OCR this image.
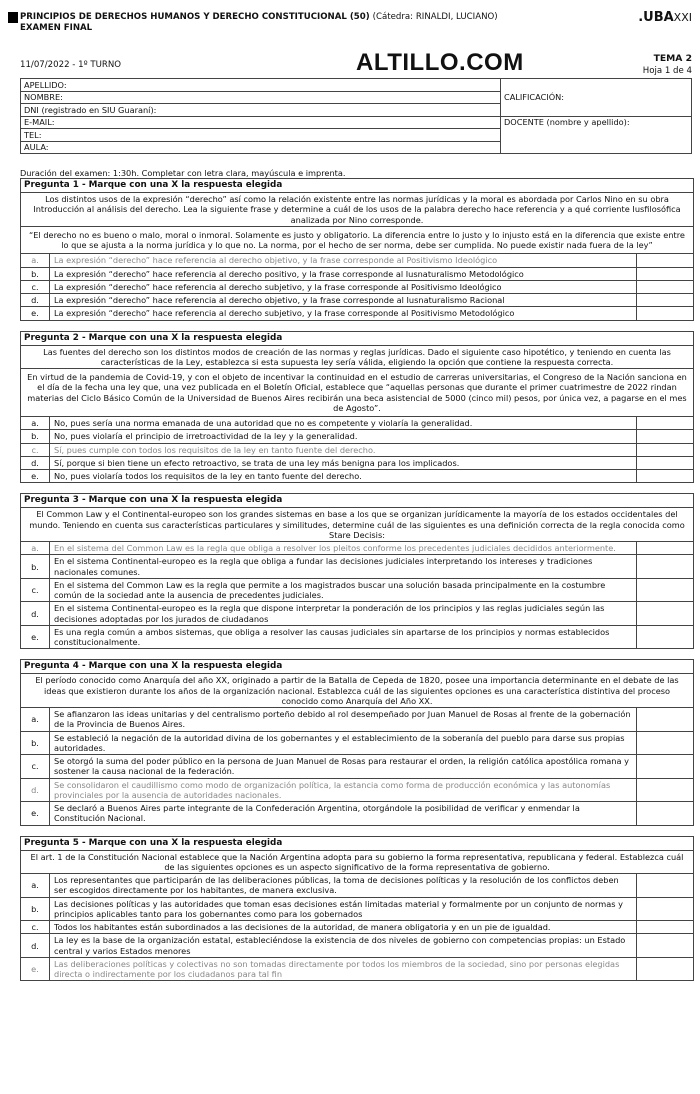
PRINCIPIOS DE DERECHOS HUMANOS Y DERECHO CONSTITUCIONAL (50) (Cátedra: RINALDI, LUCIANO)
EXAMEN FINAL
.UBAXXI
11/07/2022 - 1º TURNO	ALTILLO.COM	TEMA 2
Hoja 1 de 4
APELLIDO:	CALIFICACIÓN:
NOMBRE:	
DNI (registrado en SIU Guaraní):	
E-MAIL:	DOCENTE (nombre y apellido):
TEL:	
AULA:	
Duración del examen: 1:30h. Completar con letra clara, mayúscula e imprenta.
Pregunta 1 - Marque con una X la respuesta elegida
Los distintos usos de la expresión “derecho” así como la relación existente entre las normas jurídicas y la moral es abordada por Carlos Nino en su obra Introducción al análisis del derecho. Lea la siguiente frase y determine a cuál de los usos de la palabra derecho hace referencia y a qué corriente Iusfilosófica analizada por Nino corresponde.
“El derecho no es bueno o malo, moral o inmoral. Solamente es justo y obligatorio. La diferencia entre lo justo y lo injusto está en la diferencia que existe entre lo que se ajusta a la norma jurídica y lo que no. La norma, por el hecho de ser norma, debe ser cumplida. No puede existir nada fuera de la ley”
a.	La expresión “derecho” hace referencia al derecho objetivo, y la frase corresponde al Positivismo Ideológico	
b.	La expresión “derecho” hace referencia al derecho positivo, y la frase corresponde al Iusnaturalismo Metodológico	
c.	La expresión “derecho” hace referencia al derecho subjetivo, y la frase corresponde al Positivismo Ideológico	
d.	La expresión “derecho” hace referencia al derecho objetivo, y la frase corresponde al Iusnaturalismo Racional	
e.	La expresión “derecho” hace referencia al derecho subjetivo, y la frase corresponde al Positivismo Metodológico	
Pregunta 2 - Marque con una X la respuesta elegida
Las fuentes del derecho son los distintos modos de creación de las normas y reglas jurídicas. Dado el siguiente caso hipotético, y teniendo en cuenta las características de la Ley, establezca si esta supuesta ley sería válida, eligiendo la opción que contiene la respuesta correcta.
En virtud de la pandemia de Covid-19, y con el objeto de incentivar la continuidad en el estudio de carreras universitarias, el Congreso de la Nación sanciona en el día de la fecha una ley que, una vez publicada en el Boletín Oficial, establece que “aquellas personas que durante el primer cuatrimestre de 2022 rindan materias del Ciclo Básico Común de la Universidad de Buenos Aires recibirán una beca asistencial de 5000 (cinco mil) pesos, por única vez, a pagarse en el mes de Agosto”.
a.	No, pues sería una norma emanada de una autoridad que no es competente y violaría la generalidad.	
b.	No, pues violaría el principio de irretroactividad de la ley y la generalidad.	
c.	Sí, pues cumple con todos los requisitos de la ley en tanto fuente del derecho.	
d.	Sí, porque si bien tiene un efecto retroactivo, se trata de una ley más benigna para los implicados.	
e.	No, pues violaría todos los requisitos de la ley en tanto fuente del derecho.	
Pregunta 3 - Marque con una X la respuesta elegida
El Common Law y el Continental-europeo son los grandes sistemas en base a los que se organizan jurídicamente la mayoría de los estados occidentales del mundo. Teniendo en cuenta sus características particulares y similitudes, determine cuál de las siguientes es una definición correcta de la regla conocida como Stare Decisis:
a.	En el sistema del Common Law es la regla que obliga a resolver los pleitos conforme los precedentes judiciales decididos anteriormente.	
b.	En el sistema Continental-europeo es la regla que obliga a fundar las decisiones judiciales interpretando los intereses y tradiciones nacionales comunes.	
c.	En el sistema del Common Law es la regla que permite a los magistrados buscar una solución basada principalmente en la costumbre común de la sociedad ante la ausencia de precedentes judiciales.	
d.	En el sistema Continental-europeo es la regla que dispone interpretar la ponderación de los principios y las reglas judiciales según las decisiones adoptadas por los jurados de ciudadanos	
e.	Es una regla común a ambos sistemas, que obliga a resolver las causas judiciales sin apartarse de los principios y normas establecidos constitucionalmente.	
Pregunta 4 - Marque con una X la respuesta elegida
El período conocido como Anarquía del año XX, originado a partir de la Batalla de Cepeda de 1820, posee una importancia determinante en el debate de las ideas que existieron durante los años de la organización nacional. Establezca cuál de las siguientes opciones es una característica distintiva del proceso conocido como Anarquía del Año XX.
a.	Se afianzaron las ideas unitarias y del centralismo porteño debido al rol desempeñado por Juan Manuel de Rosas al frente de la gobernación de la Provincia de Buenos Aires.	
b.	Se estableció la negación de la autoridad divina de los gobernantes y el establecimiento de la soberanía del pueblo para darse sus propias autoridades.	
c.	Se otorgó la suma del poder público en la persona de Juan Manuel de Rosas para restaurar el orden, la religión católica apostólica romana y sostener la causa nacional de la federación.	
d.	Se consolidaron el caudillismo como modo de organización política, la estancia como forma de producción económica y las autonomías provinciales por la ausencia de autoridades nacionales.	
e.	Se declaró a Buenos Aires parte integrante de la Confederación Argentina, otorgándole la posibilidad de verificar y enmendar la Constitución Nacional.	
Pregunta 5 - Marque con una X la respuesta elegida
El art. 1 de la Constitución Nacional establece que la Nación Argentina adopta para su gobierno la forma representativa, republicana y federal. Establezca cuál de las siguientes opciones es un aspecto significativo de la forma representativa de gobierno.
a.	Los representantes que participarán de las deliberaciones públicas, la toma de decisiones políticas y la resolución de los conflictos deben ser escogidos directamente por los habitantes, de manera exclusiva.	
b.	Las decisiones políticas y las autoridades que toman esas decisiones están limitadas material y formalmente por un conjunto de normas y principios aplicables tanto para los gobernantes como para los gobernados	
c.	Todos los habitantes están subordinados a las decisiones de la autoridad, de manera obligatoria y en un pie de igualdad.	
d.	La ley es la base de la organización estatal, estableciéndose la existencia de dos niveles de gobierno con competencias propias: un Estado central y varios Estados menores	
e.	Las deliberaciones políticas y colectivas no son tomadas directamente por todos los miembros de la sociedad, sino por personas elegidas directa o indirectamente por los ciudadanos para tal fin	
